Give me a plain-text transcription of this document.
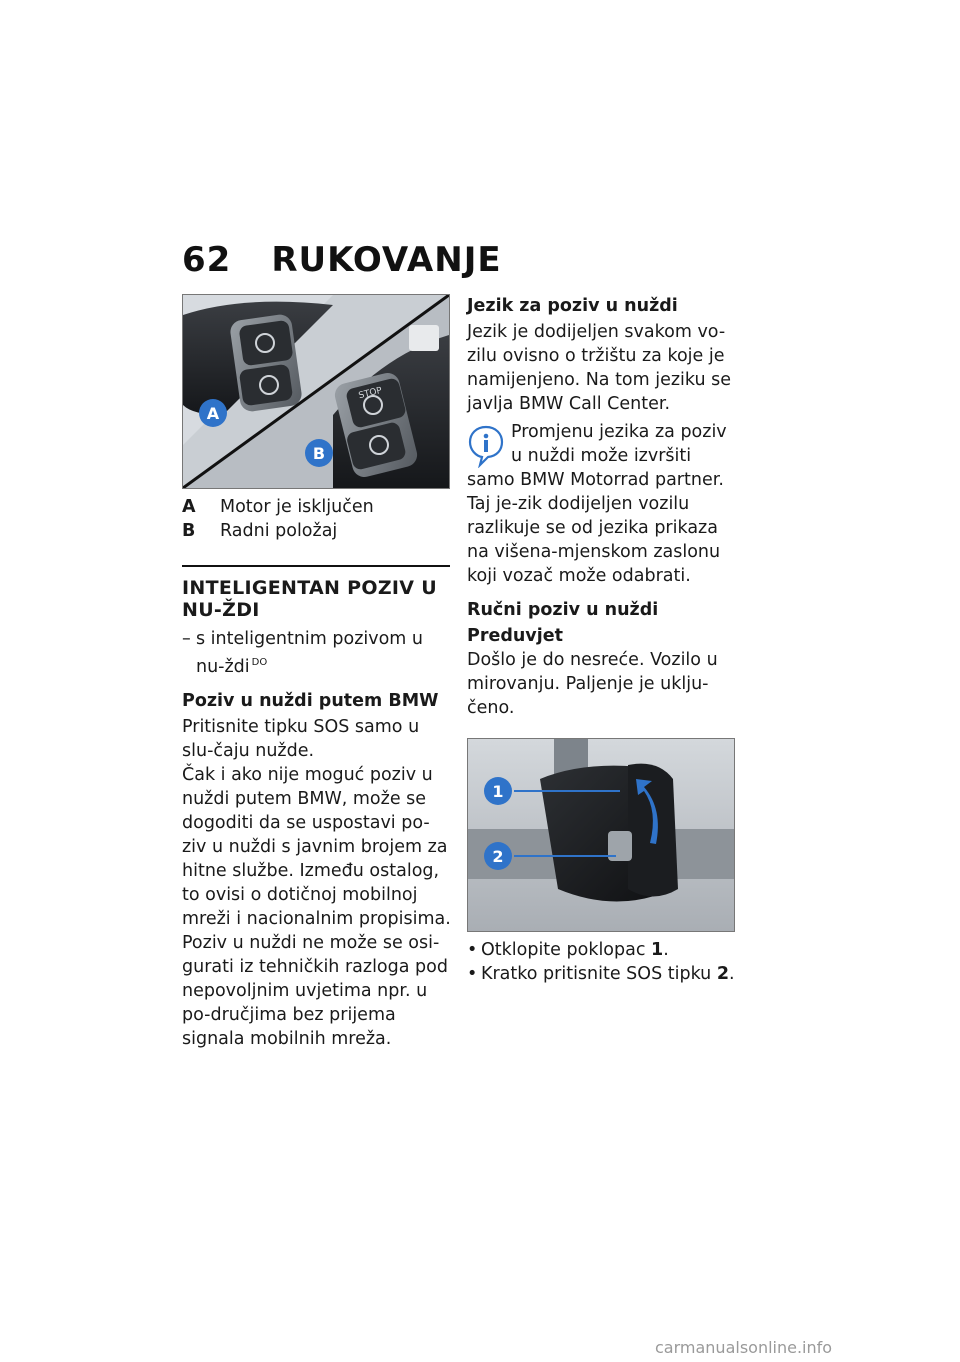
62 RUKOVANJE
STOP
A
B
A	Motor je isključen
B	Radni položaj
INTELIGENTAN POZIV U NU-ŽDI
– s inteligentnim pozivom u nu-ždi $^{DO}$
Poziv u nuždi putem BMW

Pritisnite tipku SOS samo u slu-čaju nužde.

Čak i ako nije moguć poziv u nuždi putem BMW, može se dogoditi da se uspostavi po-ziv u nuždi s javnim brojem za hitne službe. Između ostalog, to ovisi o dotičnoj mobilnoj mreži i nacionalnim propisima.

Poziv u nuždi ne može se osi-gurati iz tehničkih razloga pod nepovoljnim uvjetima npr. u po-dručjima bez prijema signala mobilnih mreža.

Jezik za poziv u nuždi

Jezik je dodijeljen svakom vo-zilu ovisno o tržištu za koje je namijenjeno. Na tom jeziku se javlja BMW Call Center.

Promjenu jezika za poziv u nuždi može izvršiti samo BMW Motorrad partner. Taj je-zik dodijeljen vozilu razlikuje se od jezika prikaza na višena-mjenskom zaslonu koji vozač može odabrati.

Ručni poziv u nuždi
Preduvjet

Došlo je do nesreće. Vozilo u mirovanju. Paljenje je uklju-čeno.

1
2
• Otklopite poklopac 1.
• Kratko pritisnite SOS tipku 2.
carmanualsonline.info
